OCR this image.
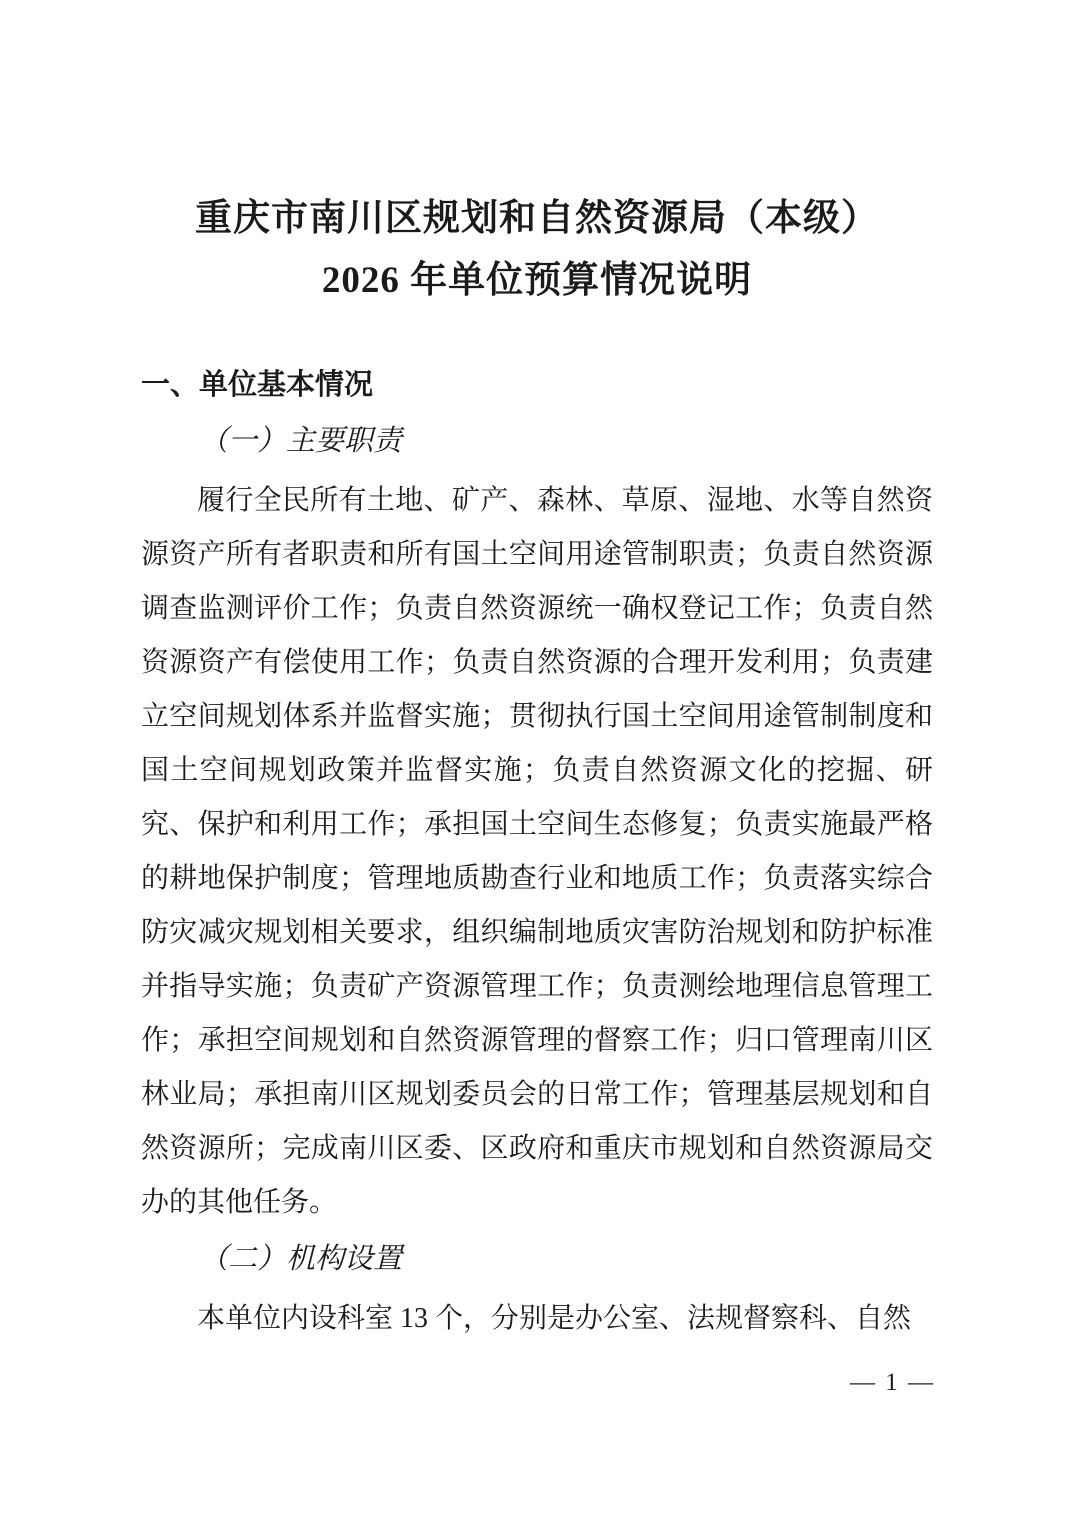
重庆市南川区规划和自然资源局（本级）
2026 年单位预算情况说明
一、单位基本情况
（一）主要职责

履行全民所有土地、矿产、森林、草原、湿地、水等自然资源资产所有者职责和所有国土空间用途管制职责；负责自然资源调查监测评价工作；负责自然资源统一确权登记工作；负责自然资源资产有偿使用工作；负责自然资源的合理开发利用；负责建立空间规划体系并监督实施；贯彻执行国土空间用途管制制度和国土空间规划政策并监督实施；负责自然资源文化的挖掘、研究、保护和利用工作；承担国土空间生态修复；负责实施最严格的耕地保护制度；管理地质勘查行业和地质工作；负责落实综合防灾减灾规划相关要求，组织编制地质灾害防治规划和防护标准并指导实施；负责矿产资源管理工作；负责测绘地理信息管理工作；承担空间规划和自然资源管理的督察工作；归口管理南川区林业局；承担南川区规划委员会的日常工作；管理基层规划和自然资源所；完成南川区委、区政府和重庆市规划和自然资源局交办的其他任务。

（二）机构设置

本单位内设科室 13 个，分别是办公室、法规督察科、自然

— 1 —
